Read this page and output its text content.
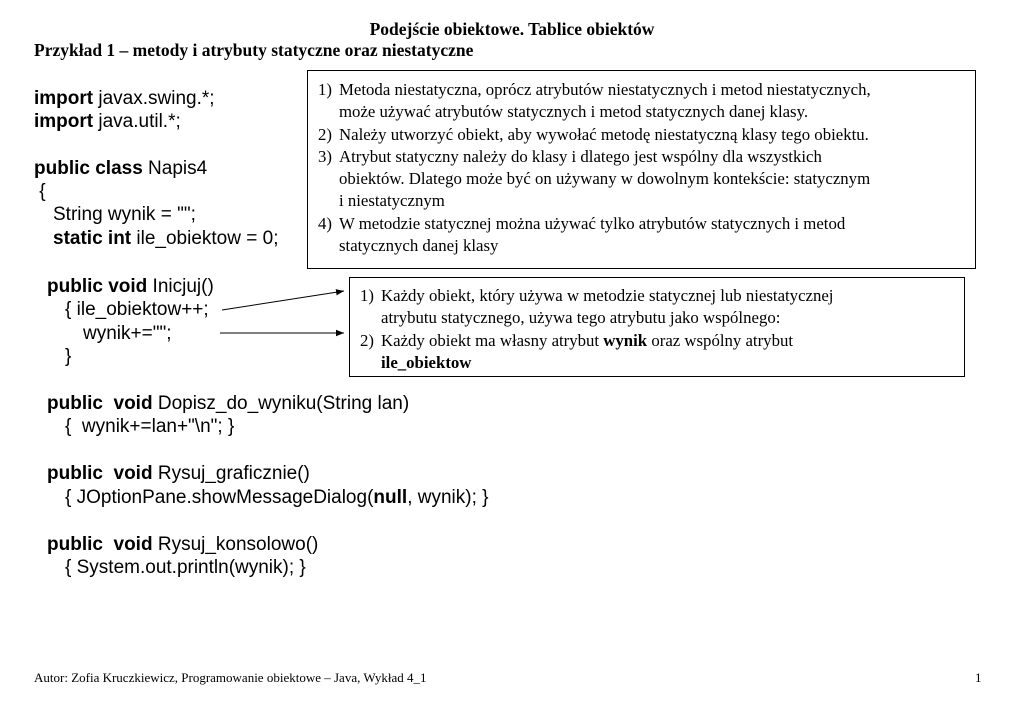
Podejście obiektowe. Tablice obiektów
Przykład 1 – metody i atrybuty statyczne oraz niestatyczne
import javax.swing.*;
import java.util.*;
public class Napis4
{
String wynik = "";
static int ile_obiektow = 0;
public void Inicjuj()
{ ile_obiektow++;
wynik+="";
}
public  void Dopisz_do_wyniku(String lan)
{  wynik+=lan+"\n"; }
public  void Rysuj_graficznie()
{ JOptionPane.showMessageDialog(null, wynik); }
public  void Rysuj_konsolowo()
{ System.out.println(wynik); }
1) Metoda niestatyczna, oprócz atrybutów niestatycznych i metod niestatycznych,
może używać atrybutów statycznych i metod statycznych danej klasy.
2) Należy utworzyć obiekt, aby wywołać metodę niestatyczną klasy tego obiektu.
3) Atrybut statyczny należy do klasy i dlatego jest wspólny dla wszystkich
obiektów. Dlatego może być on używany w dowolnym kontekście: statycznym
i niestatycznym
4) W metodzie statycznej można używać tylko atrybutów statycznych i metod
statycznych danej klasy
1) Każdy obiekt, który używa w metodzie statycznej lub niestatycznej
atrybutu statycznego, używa tego atrybutu jako wspólnego:
2) Każdy obiekt ma własny atrybut wynik oraz wspólny atrybut
ile_obiektow
Autor: Zofia Kruczkiewicz, Programowanie obiektowe – Java, Wykład 4_1	1
